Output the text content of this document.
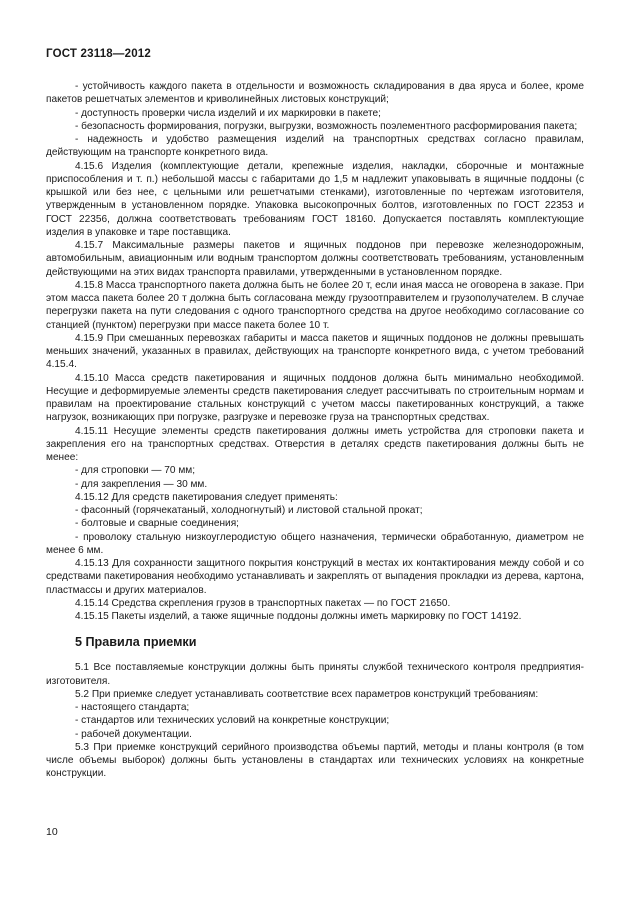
ГОСТ 23118—2012

- устойчивость каждого пакета в отдельности и возможность складирования в два яруса и более, кроме пакетов решетчатых элементов и криволинейных листовых конструкций;

- доступность проверки числа изделий и их маркировки в пакете;

- безопасность формирования, погрузки, выгрузки, возможность поэлементного расформирования пакета;

- надежность и удобство размещения изделий на транспортных средствах согласно правилам, действующим на транспорте конкретного вида.

4.15.6 Изделия (комплектующие детали, крепежные изделия, накладки, сборочные и монтажные приспособления и т. п.) небольшой массы с габаритами до 1,5 м надлежит упаковывать в ящичные поддоны (с крышкой или без нее, с цельными или решетчатыми стенками), изготовленные по чертежам изготовителя, утвержденным в установленном порядке. Упаковка высокопрочных болтов, изготовленных по ГОСТ 22353 и ГОСТ 22356, должна соответствовать требованиям ГОСТ 18160. Допускается поставлять комплектующие изделия в упаковке и таре поставщика.

4.15.7 Максимальные размеры пакетов и ящичных поддонов при перевозке железнодорожным, автомобильным, авиационным или водным транспортом должны соответствовать требованиям, установленным действующими на этих видах транспорта правилами, утвержденными в установленном порядке.

4.15.8 Масса транспортного пакета должна быть не более 20 т, если иная масса не оговорена в заказе. При этом масса пакета более 20 т должна быть согласована между грузоотправителем и грузополучателем. В случае перегрузки пакета на пути следования с одного транспортного средства на другое необходимо согласование со станцией (пунктом) перегрузки при массе пакета более 10 т.

4.15.9 При смешанных перевозках габариты и масса пакетов и ящичных поддонов не должны превышать меньших значений, указанных в правилах, действующих на транспорте конкретного вида, с учетом требований 4.15.4.

4.15.10 Масса средств пакетирования и ящичных поддонов должна быть минимально необходимой. Несущие и деформируемые элементы средств пакетирования следует рассчитывать по строительным нормам и правилам на проектирование стальных конструкций с учетом массы пакетированных конструкций, а также нагрузок, возникающих при погрузке, разгрузке и перевозке груза на транспортных средствах.

4.15.11 Несущие элементы средств пакетирования должны иметь устройства для строповки пакета и закрепления его на транспортных средствах. Отверстия в деталях средств пакетирования должны быть не менее:

- для строповки — 70 мм;

- для закрепления — 30 мм.

4.15.12 Для средств пакетирования следует применять:

- фасонный (горячекатаный, холодногнутый) и листовой стальной прокат;

- болтовые и сварные соединения;

- проволоку стальную низкоуглеродистую общего назначения, термически обработанную, диаметром не менее 6 мм.

4.15.13 Для сохранности защитного покрытия конструкций в местах их контактирования между собой и со средствами пакетирования необходимо устанавливать и закреплять от выпадения прокладки из дерева, картона, пластмассы и других материалов.

4.15.14 Средства скрепления грузов в транспортных пакетах — по ГОСТ 21650.

4.15.15 Пакеты изделий, а также ящичные поддоны должны иметь маркировку по ГОСТ 14192.

5 Правила приемки

5.1 Все поставляемые конструкции должны быть приняты службой технического контроля предприятия-изготовителя.

5.2 При приемке следует устанавливать соответствие всех параметров конструкций требованиям:

- настоящего стандарта;

- стандартов или технических условий на конкретные конструкции;

- рабочей документации.

5.3 При приемке конструкций серийного производства объемы партий, методы и планы контроля (в том числе объемы выборок) должны быть установлены в стандартах или технических условиях на конкретные конструкции.

10
